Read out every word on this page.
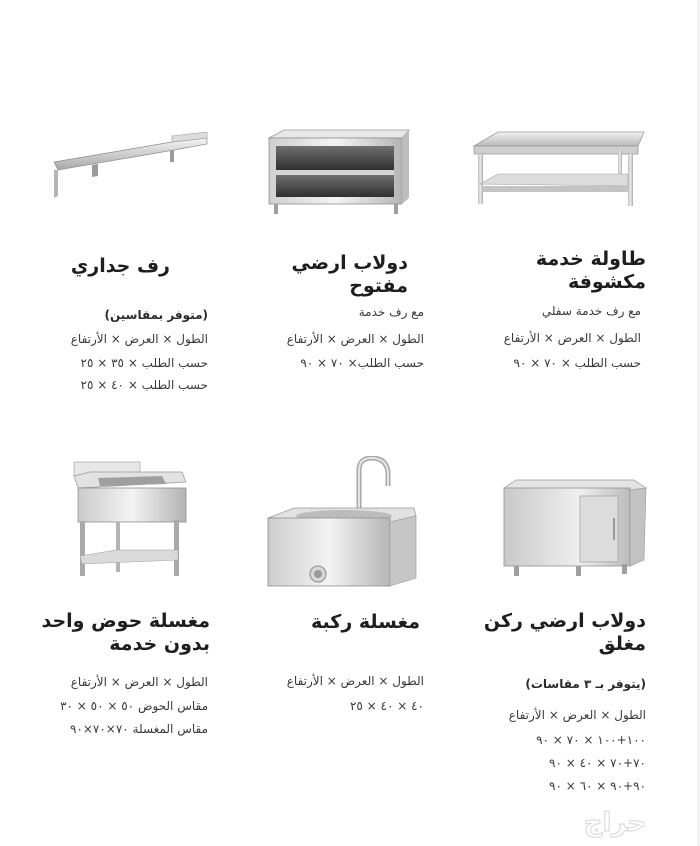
طاولة خدمة مكشوفة
مع رف خدمة سفلي
الطول × العرض × الأرتفاع
حسب الطلب × ٧٠ × ٩٠
دولاب ارضي مفتوح
مع رف خدمة
الطول × العرض × الأرتفاع
حسب الطلب× ٧٠ × ٩٠
رف جداري
(متوفر بمقاسين)
الطول × العرض × الأرتفاع
حسب الطلب × ٣٥ × ٢٥
حسب الطلب × ٤٠ × ٢٥
دولاب ارضي ركن مغلق
(يتوفر بـ ٣ مقاسات)
الطول × العرض × الأرتفاع
١٠٠+١٠٠ × ٧٠ × ٩٠
٧٠+٧٠ × ٤٠ × ٩٠
٩٠+٩٠ × ٦٠ × ٩٠
مغسلة ركبة
الطول × العرض × الأرتفاع
٤٠ × ٤٠ × ٢٥
مغسلة حوض واحد بدون خدمة
الطول × العرض × الأرتفاع
مقاس الحوض ٥٠ × ٥٠ × ٣٠
مقاس المغسلة ٧٠×٧٠×٩٠
حراج
